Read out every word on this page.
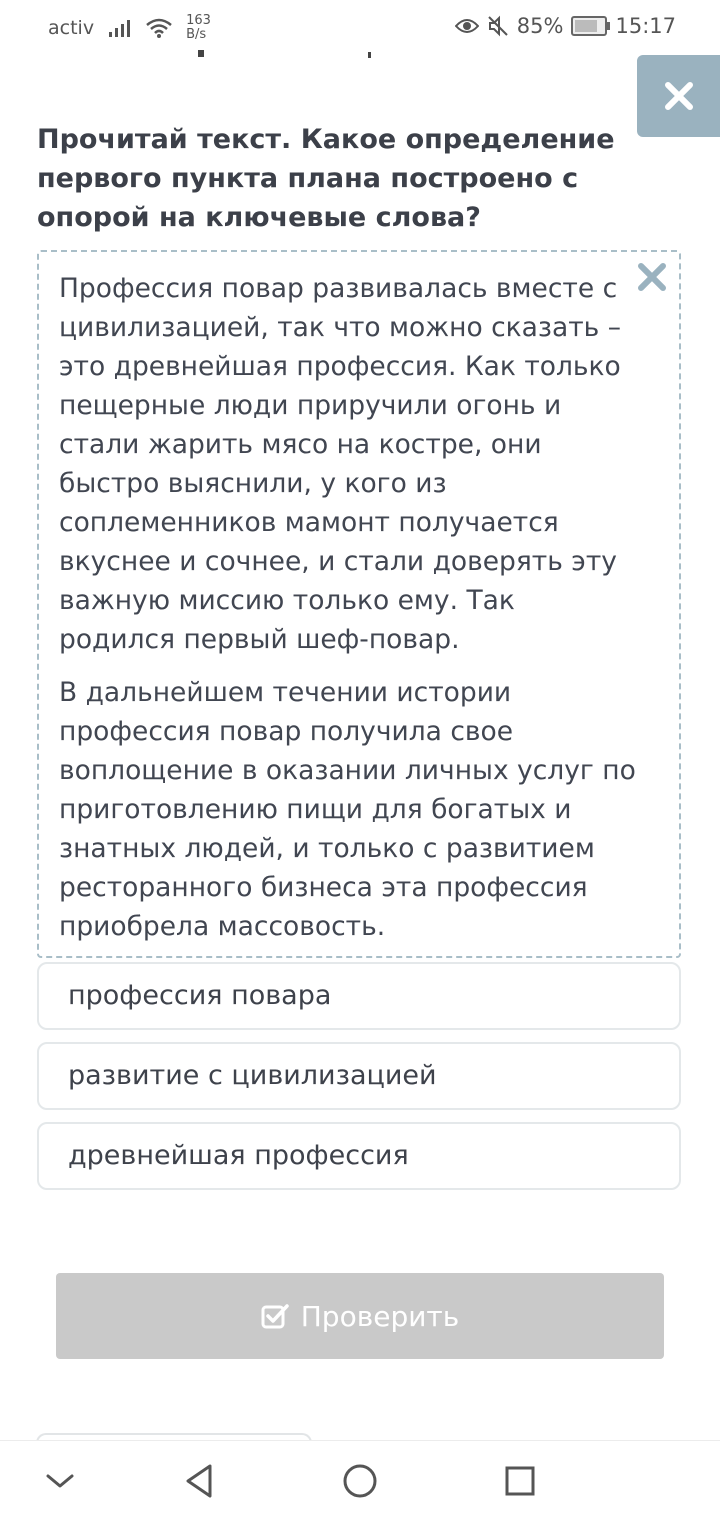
activ	163
B/s	85% 15:17
Прочитай текст. Какое определение первого пункта плана построено с опорой на ключевые слова?

Профессия повар развивалась вместе с цивилизацией, так что можно сказать – это древнейшая профессия. Как только пещерные люди приручили огонь и стали жарить мясо на костре, они быстро выяснили, у кого из соплеменников мамонт получается вкуснее и сочнее, и стали доверять эту важную миссию только ему. Так родился первый шеф-повар.

В дальнейшем течении истории профессия повар получила свое воплощение в оказании личных услуг по приготовлению пищи для богатых и знатных людей, и только с развитием ресторанного бизнеса эта профессия приобрела массовость.

профессия повара
развитие с цивилизацией
древнейшая профессия
Проверить
